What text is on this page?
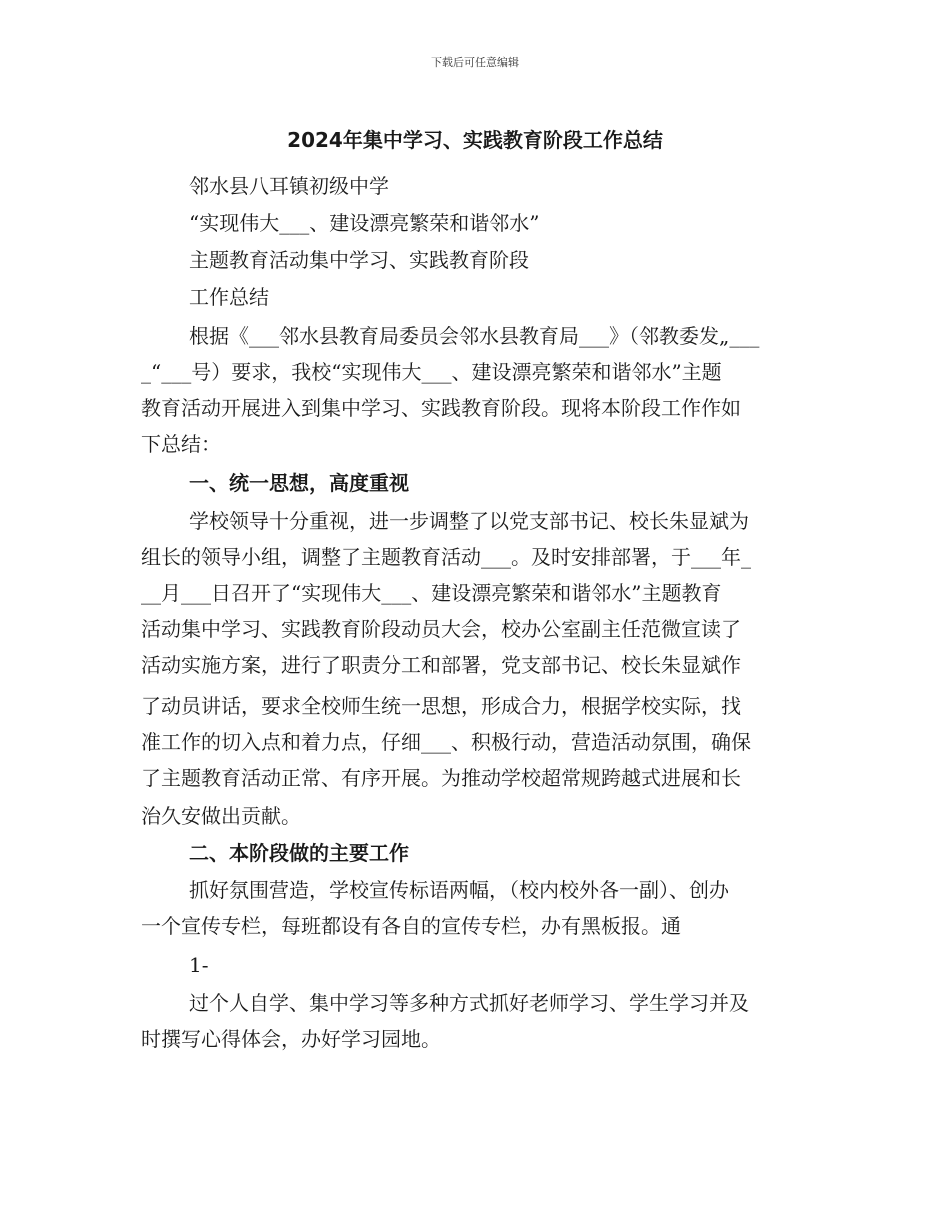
下载后可任意编辑
2024年集中学习、实践教育阶段工作总结
邻水县八耳镇初级中学
“实现伟大___、建设漂亮繁荣和谐邻水”
主题教育活动集中学习、实践教育阶段
工作总结
根据《___邻水县教育局委员会邻水县教育局___》（邻教委发„___
_“___号）要求，我校“实现伟大___、建设漂亮繁荣和谐邻水”主题
教育活动开展进入到集中学习、实践教育阶段。现将本阶段工作作如
下总结：
一、统一思想，高度重视
学校领导十分重视，进一步调整了以党支部书记、校长朱显斌为
组长的领导小组，调整了主题教育活动___。及时安排部署，于___年_
__月___日召开了“实现伟大___、建设漂亮繁荣和谐邻水”主题教育
活动集中学习、实践教育阶段动员大会，校办公室副主任范微宣读了
活动实施方案，进行了职责分工和部署，党支部书记、校长朱显斌作
了动员讲话，要求全校师生统一思想，形成合力，根据学校实际，找
准工作的切入点和着力点，仔细___、积极行动，营造活动氛围，确保
了主题教育活动正常、有序开展。为推动学校超常规跨越式进展和长
治久安做出贡献。
二、本阶段做的主要工作
抓好氛围营造，学校宣传标语两幅，（校内校外各一副）、创办
一个宣传专栏，每班都设有各自的宣传专栏，办有黑板报。通
1-
过个人自学、集中学习等多种方式抓好老师学习、学生学习并及
时撰写心得体会，办好学习园地。
